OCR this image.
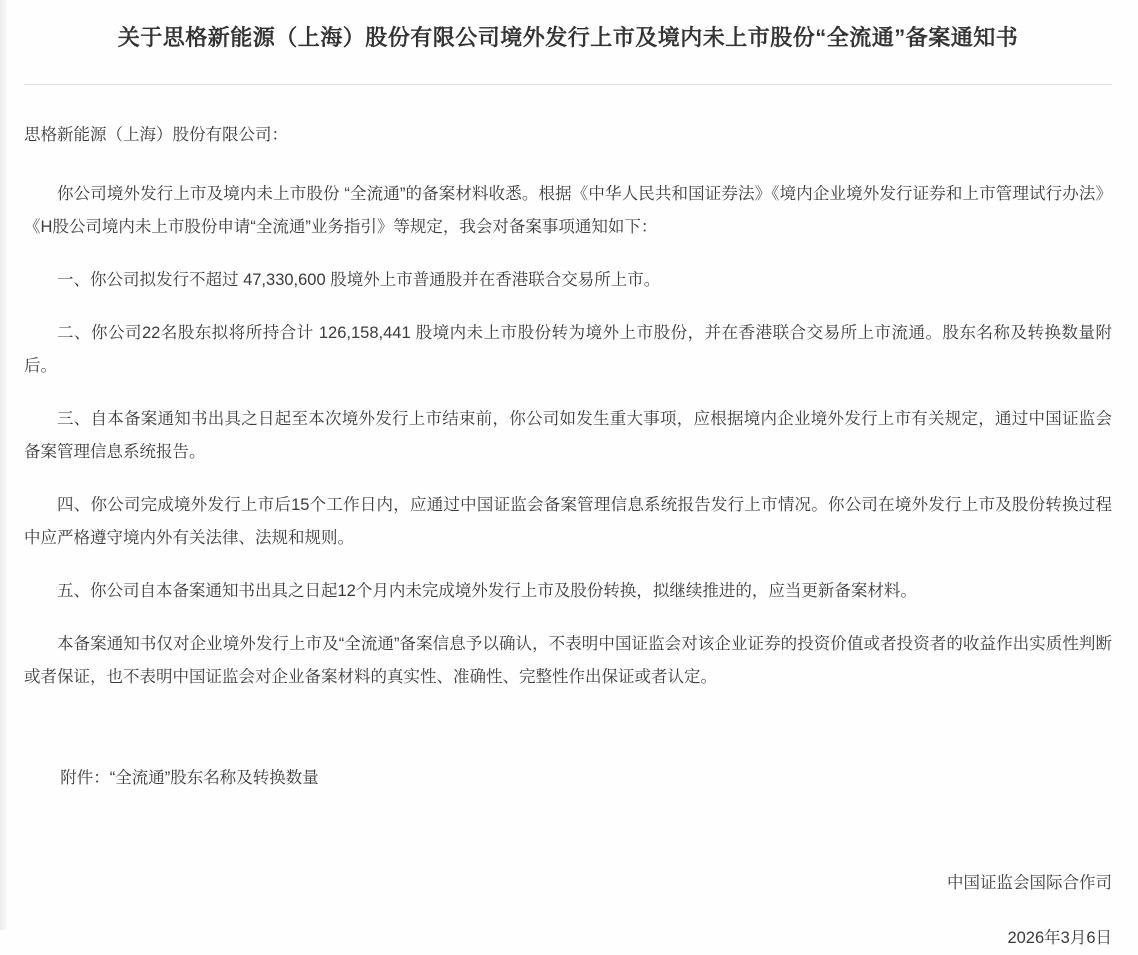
关于思格新能源（上海）股份有限公司境外发行上市及境内未上市股份“全流通”备案通知书

思格新能源（上海）股份有限公司：

你公司境外发行上市及境内未上市股份 “全流通”的备案材料收悉。根据《中华人民共和国证券法》《境内企业境外发行证券和上市管理试行办法》《H股公司境内未上市股份申请“全流通”业务指引》等规定，我会对备案事项通知如下：

一、你公司拟发行不超过 47,330,600 股境外上市普通股并在香港联合交易所上市。

二、你公司22名股东拟将所持合计 126,158,441 股境内未上市股份转为境外上市股份，并在香港联合交易所上市流通。股东名称及转换数量附后。

三、自本备案通知书出具之日起至本次境外发行上市结束前，你公司如发生重大事项，应根据境内企业境外发行上市有关规定，通过中国证监会备案管理信息系统报告。

四、你公司完成境外发行上市后15个工作日内，应通过中国证监会备案管理信息系统报告发行上市情况。你公司在境外发行上市及股份转换过程中应严格遵守境内外有关法律、法规和规则。

五、你公司自本备案通知书出具之日起12个月内未完成境外发行上市及股份转换，拟继续推进的，应当更新备案材料。

本备案通知书仅对企业境外发行上市及“全流通”备案信息予以确认，不表明中国证监会对该企业证券的投资价值或者投资者的收益作出实质性判断或者保证，也不表明中国证监会对企业备案材料的真实性、准确性、完整性作出保证或者认定。

附件：“全流通”股东名称及转换数量

中国证监会国际合作司

2026年3月6日
